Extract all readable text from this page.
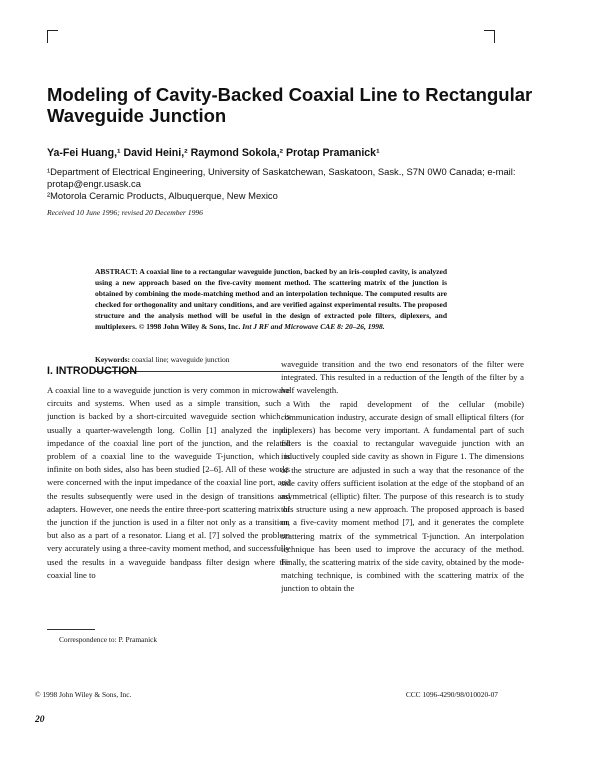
Modeling of Cavity-Backed Coaxial Line to Rectangular Waveguide Junction
Ya-Fei Huang,¹ David Heini,² Raymond Sokola,² Protap Pramanick¹
¹Department of Electrical Engineering, University of Saskatchewan, Saskatoon, Sask., S7N 0W0 Canada; e-mail: protap@engr.usask.ca
²Motorola Ceramic Products, Albuquerque, New Mexico
Received 10 June 1996; revised 20 December 1996
ABSTRACT: A coaxial line to a rectangular waveguide junction, backed by an iris-coupled cavity, is analyzed using a new approach based on the five-cavity moment method. The scattering matrix of the junction is obtained by combining the mode-matching method and an interpolation technique. The computed results are checked for orthogonality and unitary conditions, and are verified against experimental results. The proposed structure and the analysis method will be useful in the design of extracted pole filters, diplexers, and multiplexers. © 1998 John Wiley & Sons, Inc. Int J RF and Microwave CAE 8: 20–26, 1998.
Keywords: coaxial line; waveguide junction
I. INTRODUCTION

A coaxial line to a waveguide junction is very common in microwave circuits and systems. When used as a simple transition, such a junction is backed by a short-circuited waveguide section which is usually a quarter-wavelength long. Collin [1] analyzed the input impedance of the coaxial line port of the junction, and the related problem of a coaxial line to the waveguide T-junction, which is infinite on both sides, also has been studied [2–6]. All of these works were concerned with the input impedance of the coaxial line port, and the results subsequently were used in the design of transitions and adapters. However, one needs the entire three-port scattering matrix of the junction if the junction is used in a filter not only as a transition, but also as a part of a resonator. Liang et al. [7] solved the problem very accurately using a three-cavity moment method, and successfully used the results in a waveguide bandpass filter design where the coaxial line to

waveguide transition and the two end resonators of the filter were integrated. This resulted in a reduction of the length of the filter by a half wavelength.

With the rapid development of the cellular (mobile) communication industry, accurate design of small elliptical filters (for diplexers) has become very important. A fundamental part of such filters is the coaxial to rectangular waveguide junction with an inductively coupled side cavity as shown in Figure 1. The dimensions of the structure are adjusted in such a way that the resonance of the side cavity offers sufficient isolation at the edge of the stopband of an asymmetrical (elliptic) filter. The purpose of this research is to study this structure using a new approach. The proposed approach is based on a five-cavity moment method [7], and it generates the complete scattering matrix of the symmetrical T-junction. An interpolation technique has been used to improve the accuracy of the method. Finally, the scattering matrix of the side cavity, obtained by the mode-matching technique, is combined with the scattering matrix of the junction to obtain the

Correspondence to: P. Pramanick
© 1998 John Wiley & Sons, Inc.	CCC 1096-4290/98/010020-07
20
